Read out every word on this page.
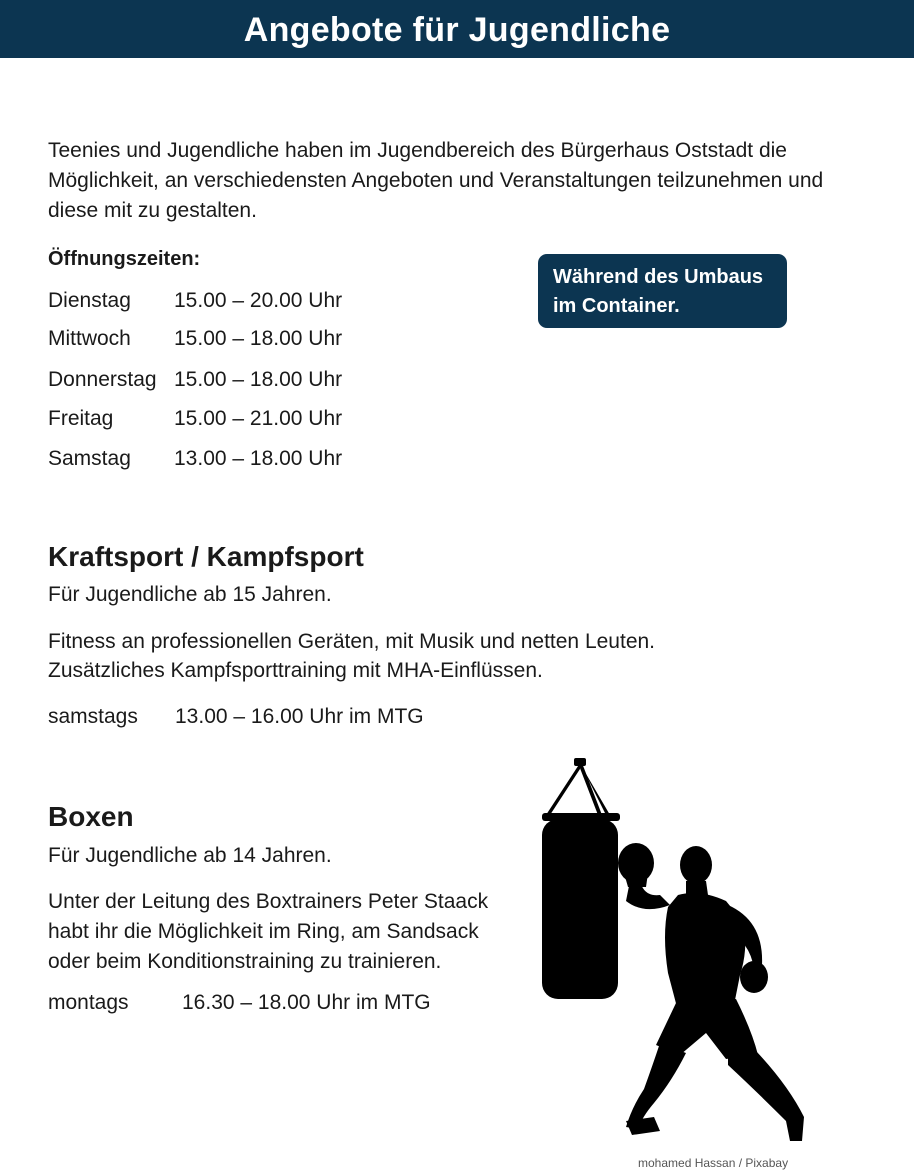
Angebote für Jugendliche

Teenies und Jugendliche haben im Jugendbereich des Bürgerhaus Oststadt die Möglichkeit, an verschiedensten Angeboten und Veranstaltungen teilzunehmen und diese mit zu gestalten.

Öffnungszeiten:
Dienstag 15.00 – 20.00 Uhr
Mittwoch 15.00 – 18.00 Uhr
Donnerstag 15.00 – 18.00 Uhr
Freitag	15.00 – 21.00 Uhr
Samstag 13.00 – 18.00 Uhr
Während des Umbaus
im Container.
Kraftsport / Kampfsport

Für Jugendliche ab 15 Jahren.

Fitness an professionellen Geräten, mit Musik und netten Leuten.

Zusätzliches Kampfsporttraining mit MHA-Einflüssen.

samstags 13.00 – 16.00 Uhr im MTG
Boxen

Für Jugendliche ab 14 Jahren.

Unter der Leitung des Boxtrainers Peter Staack

habt ihr die Möglichkeit im Ring, am Sandsack

oder beim Konditionstraining zu trainieren.

montags	16.30 – 18.00 Uhr im MTG
mohamed Hassan / Pixabay
